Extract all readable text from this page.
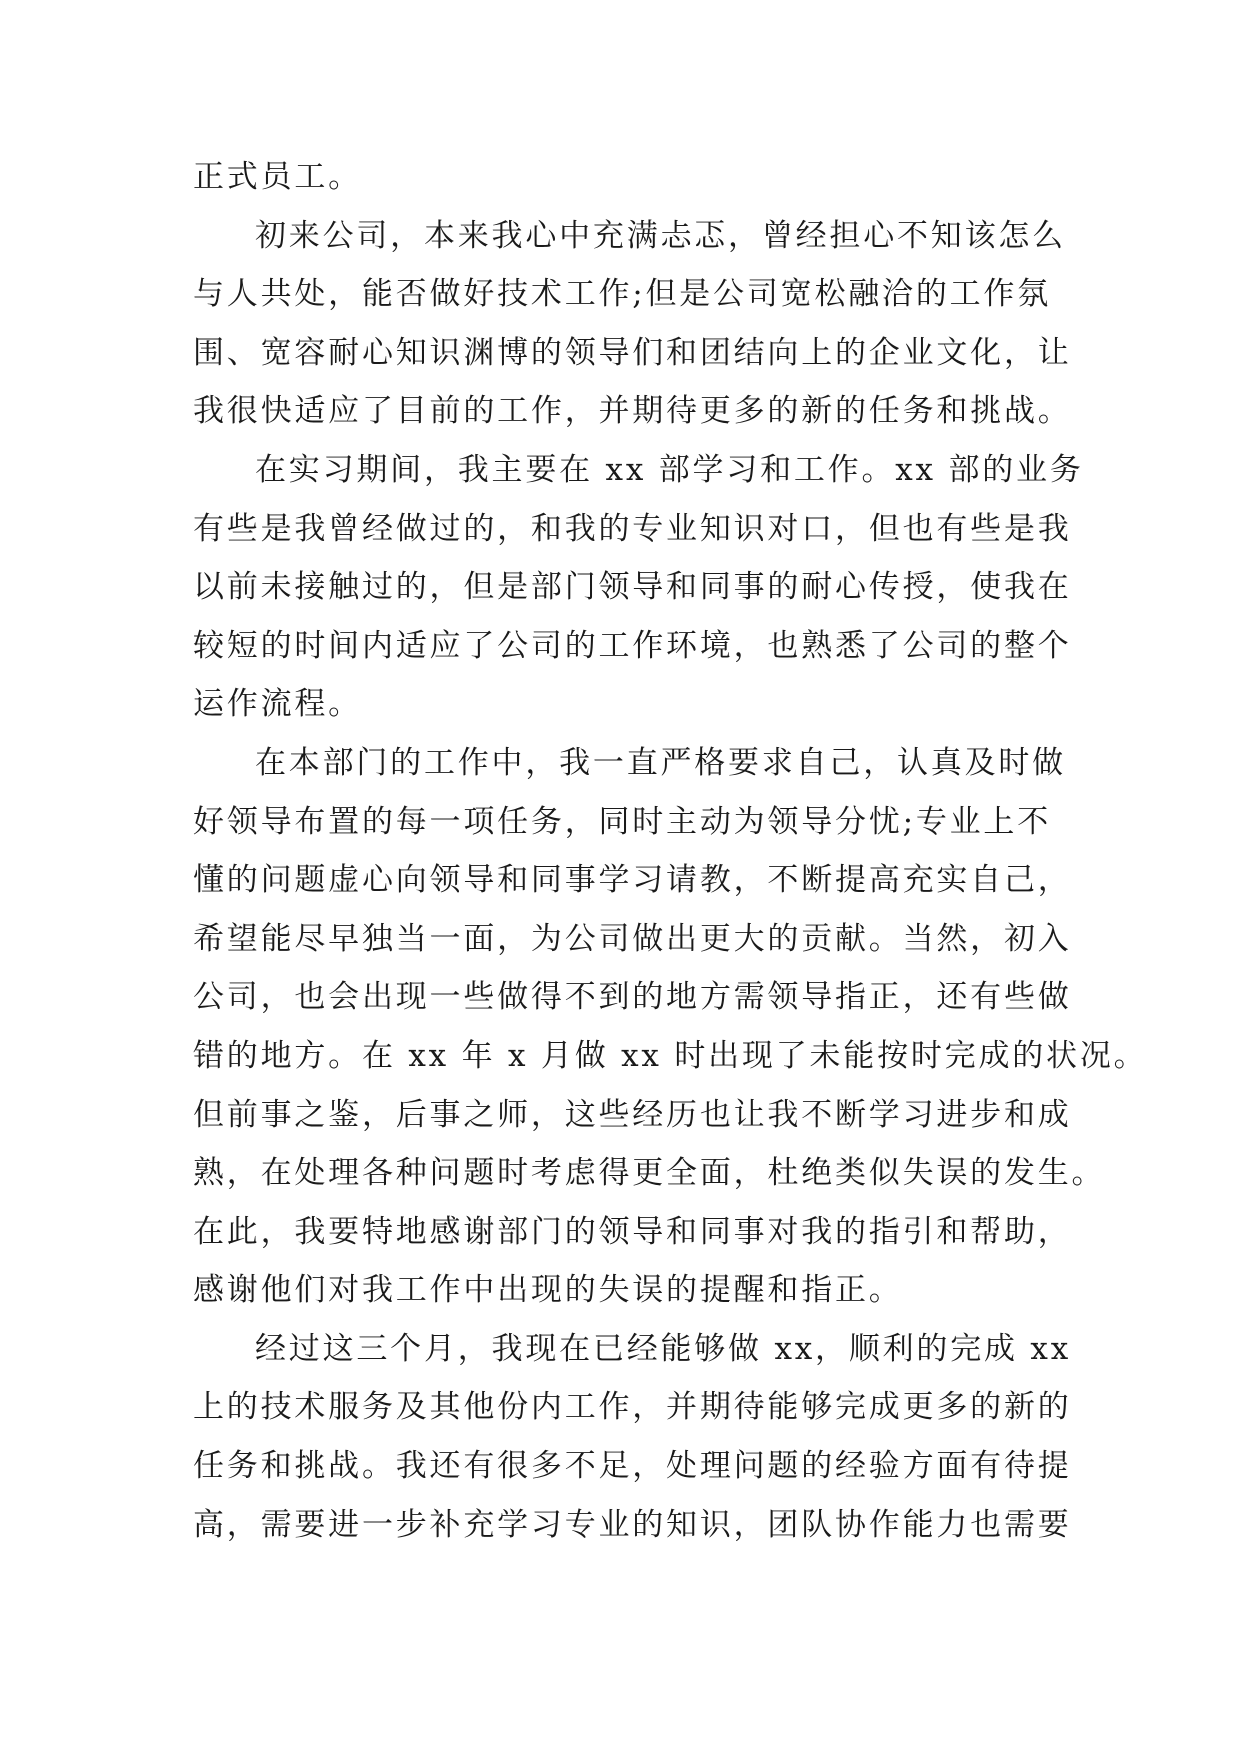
正式员工。
初来公司，本来我心中充满忐忑，曾经担心不知该怎么
与人共处，能否做好技术工作;但是公司宽松融洽的工作氛
围、宽容耐心知识渊博的领导们和团结向上的企业文化，让
我很快适应了目前的工作，并期待更多的新的任务和挑战。
在实习期间，我主要在 xx 部学习和工作。xx 部的业务
有些是我曾经做过的，和我的专业知识对口，但也有些是我
以前未接触过的，但是部门领导和同事的耐心传授，使我在
较短的时间内适应了公司的工作环境，也熟悉了公司的整个
运作流程。
在本部门的工作中，我一直严格要求自己，认真及时做
好领导布置的每一项任务，同时主动为领导分忧;专业上不
懂的问题虚心向领导和同事学习请教，不断提高充实自己，
希望能尽早独当一面，为公司做出更大的贡献。当然，初入
公司，也会出现一些做得不到的地方需领导指正，还有些做
错的地方。在 xx 年 x 月做 xx 时出现了未能按时完成的状况。
但前事之鉴，后事之师，这些经历也让我不断学习进步和成
熟，在处理各种问题时考虑得更全面，杜绝类似失误的发生。
在此，我要特地感谢部门的领导和同事对我的指引和帮助，
感谢他们对我工作中出现的失误的提醒和指正。
经过这三个月，我现在已经能够做 xx，顺利的完成 xx
上的技术服务及其他份内工作，并期待能够完成更多的新的
任务和挑战。我还有很多不足，处理问题的经验方面有待提
高，需要进一步补充学习专业的知识，团队协作能力也需要
